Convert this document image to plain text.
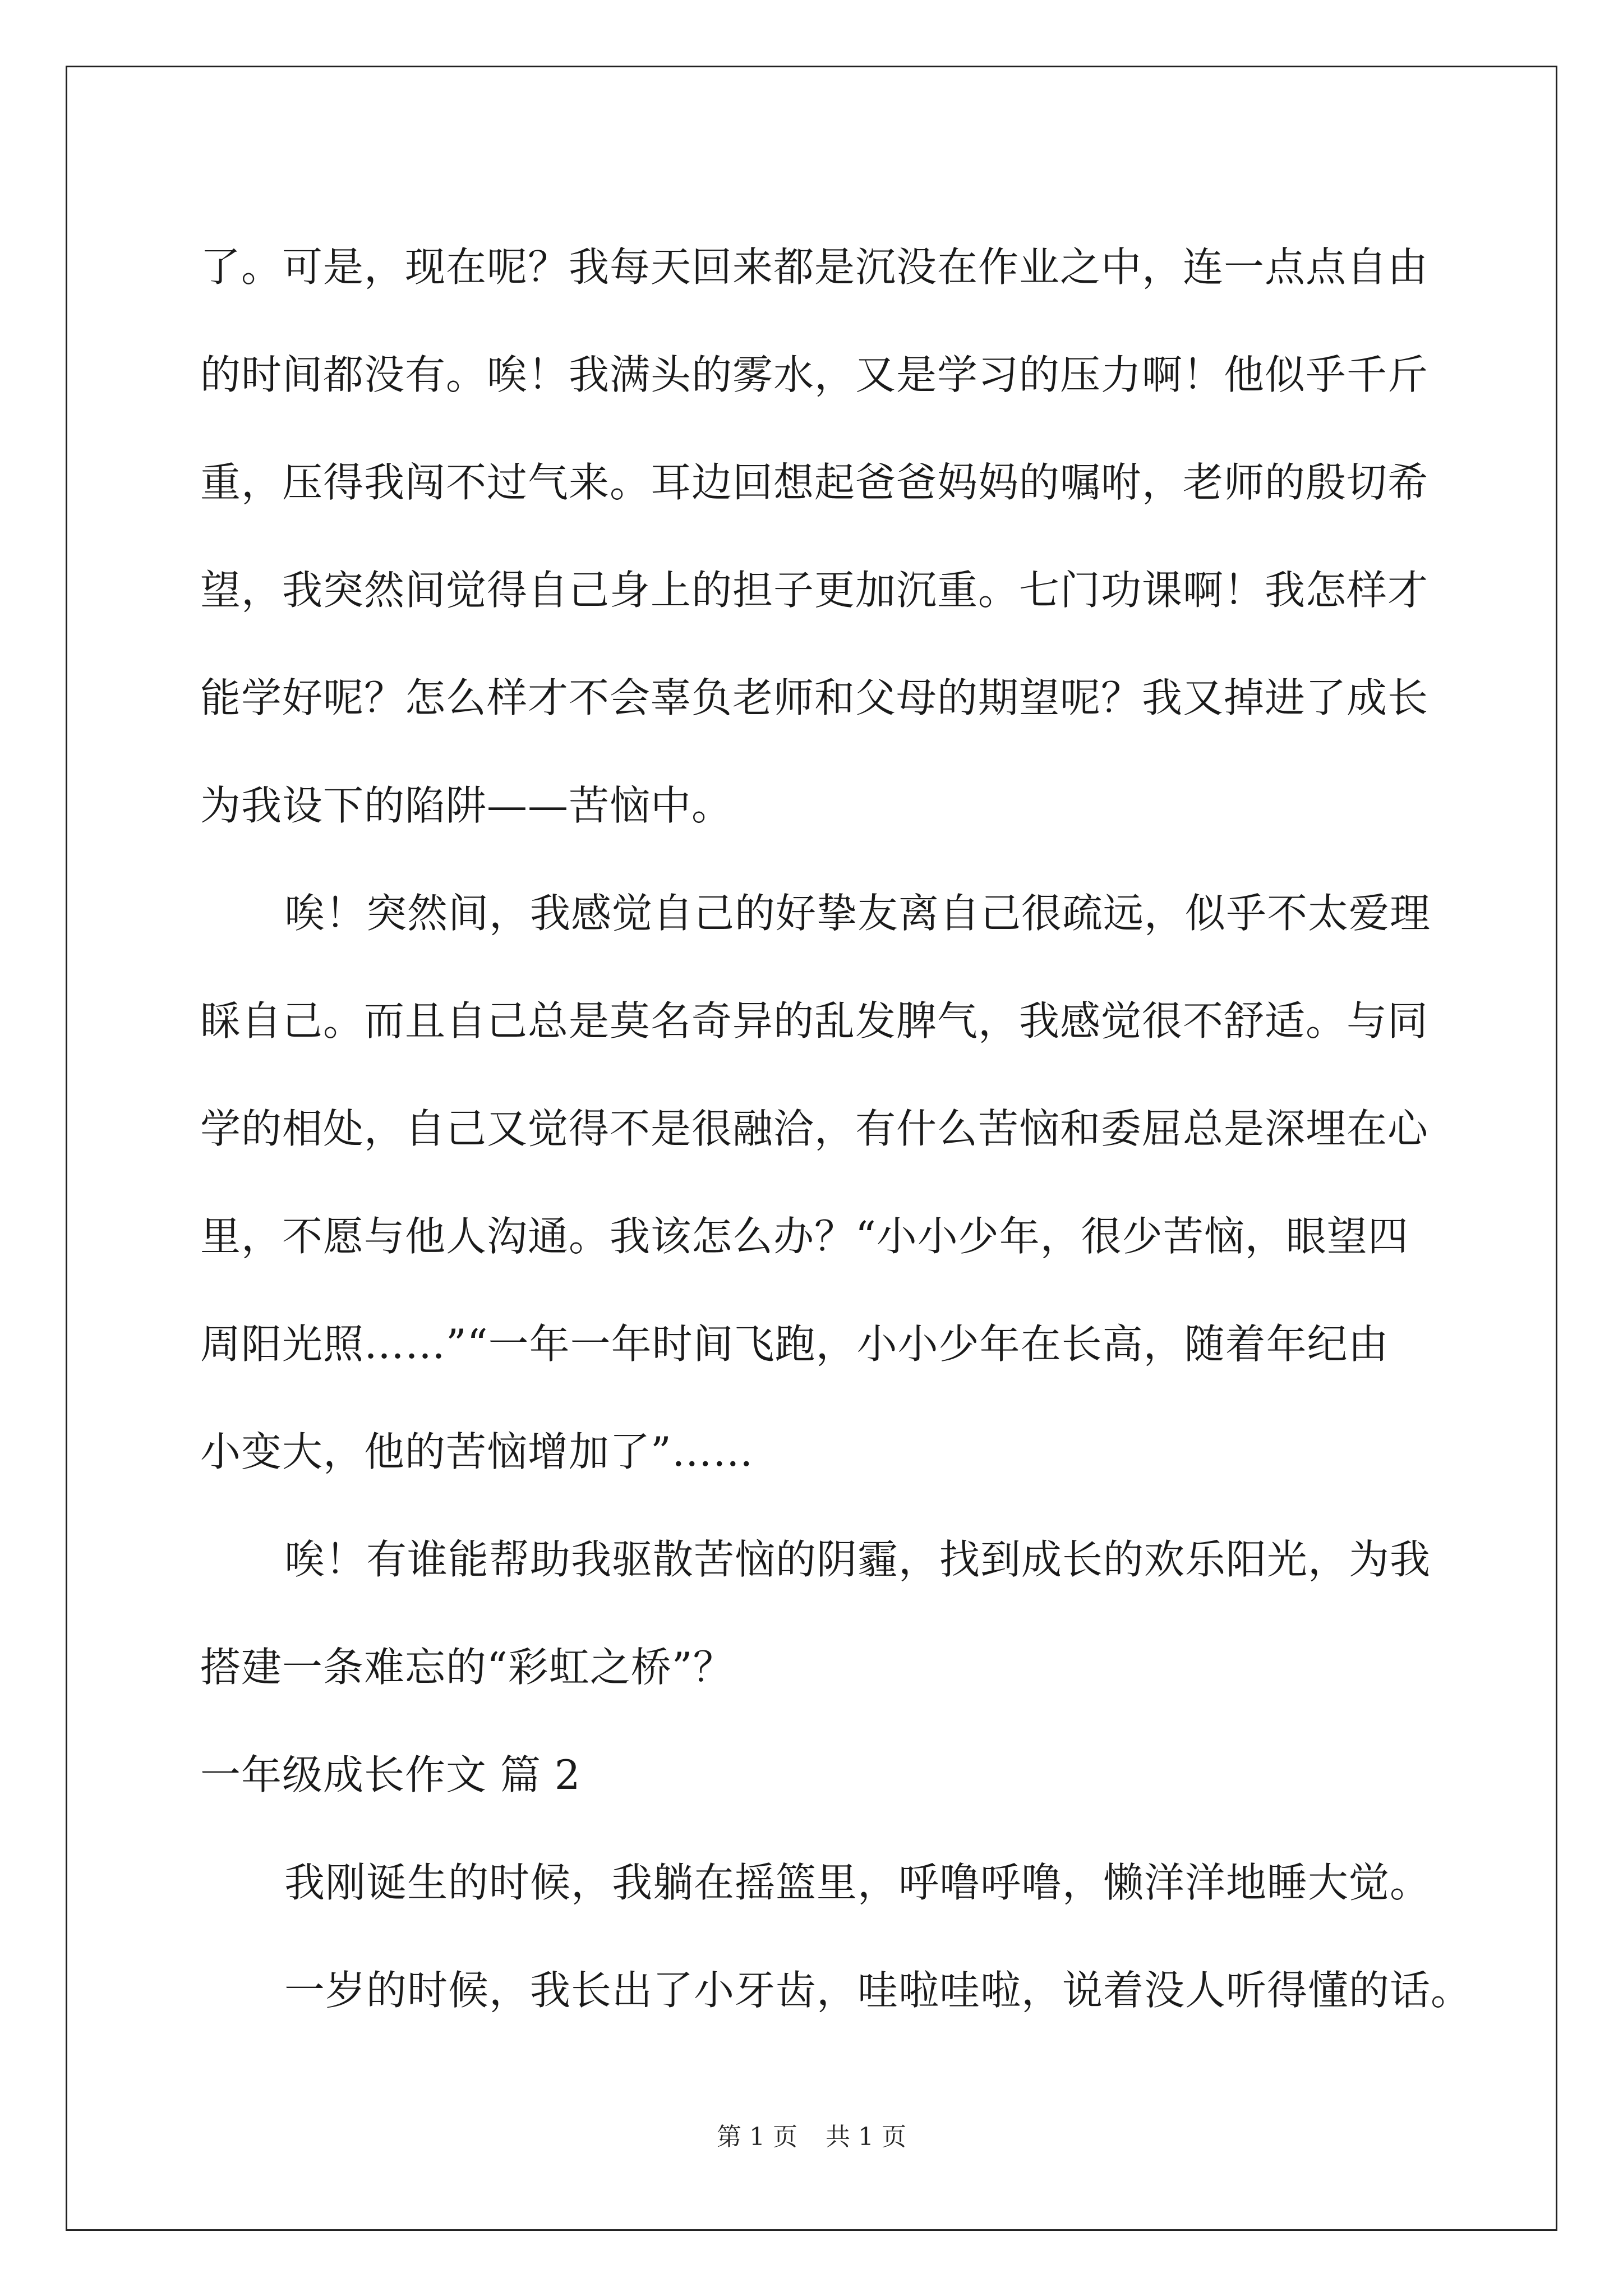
了。可是，现在呢？我每天回来都是沉没在作业之中，连一点点自由
的时间都没有。唉！我满头的雾水，又是学习的压力啊！他似乎千斤
重，压得我闯不过气来。耳边回想起爸爸妈妈的嘱咐，老师的殷切希
望，我突然间觉得自己身上的担子更加沉重。七门功课啊！我怎样才
能学好呢？怎么样才不会辜负老师和父母的期望呢？我又掉进了成长
为我设下的陷阱——苦恼中。
唉！突然间，我感觉自己的好挚友离自己很疏远，似乎不太爱理
睬自己。而且自己总是莫名奇异的乱发脾气，我感觉很不舒适。与同
学的相处，自己又觉得不是很融洽，有什么苦恼和委屈总是深埋在心
里，不愿与他人沟通。我该怎么办？“小小少年，很少苦恼，眼望四
周阳光照……”“一年一年时间飞跑，小小少年在长高，随着年纪由
小变大，他的苦恼增加了”……
唉！有谁能帮助我驱散苦恼的阴霾，找到成长的欢乐阳光，为我
搭建一条难忘的“彩虹之桥”？
一年级成长作文 篇 2
我刚诞生的时候，我躺在摇篮里，呼噜呼噜，懒洋洋地睡大觉。
一岁的时候，我长出了小牙齿，哇啦哇啦，说着没人听得懂的话。
第 1 页 共 1 页
